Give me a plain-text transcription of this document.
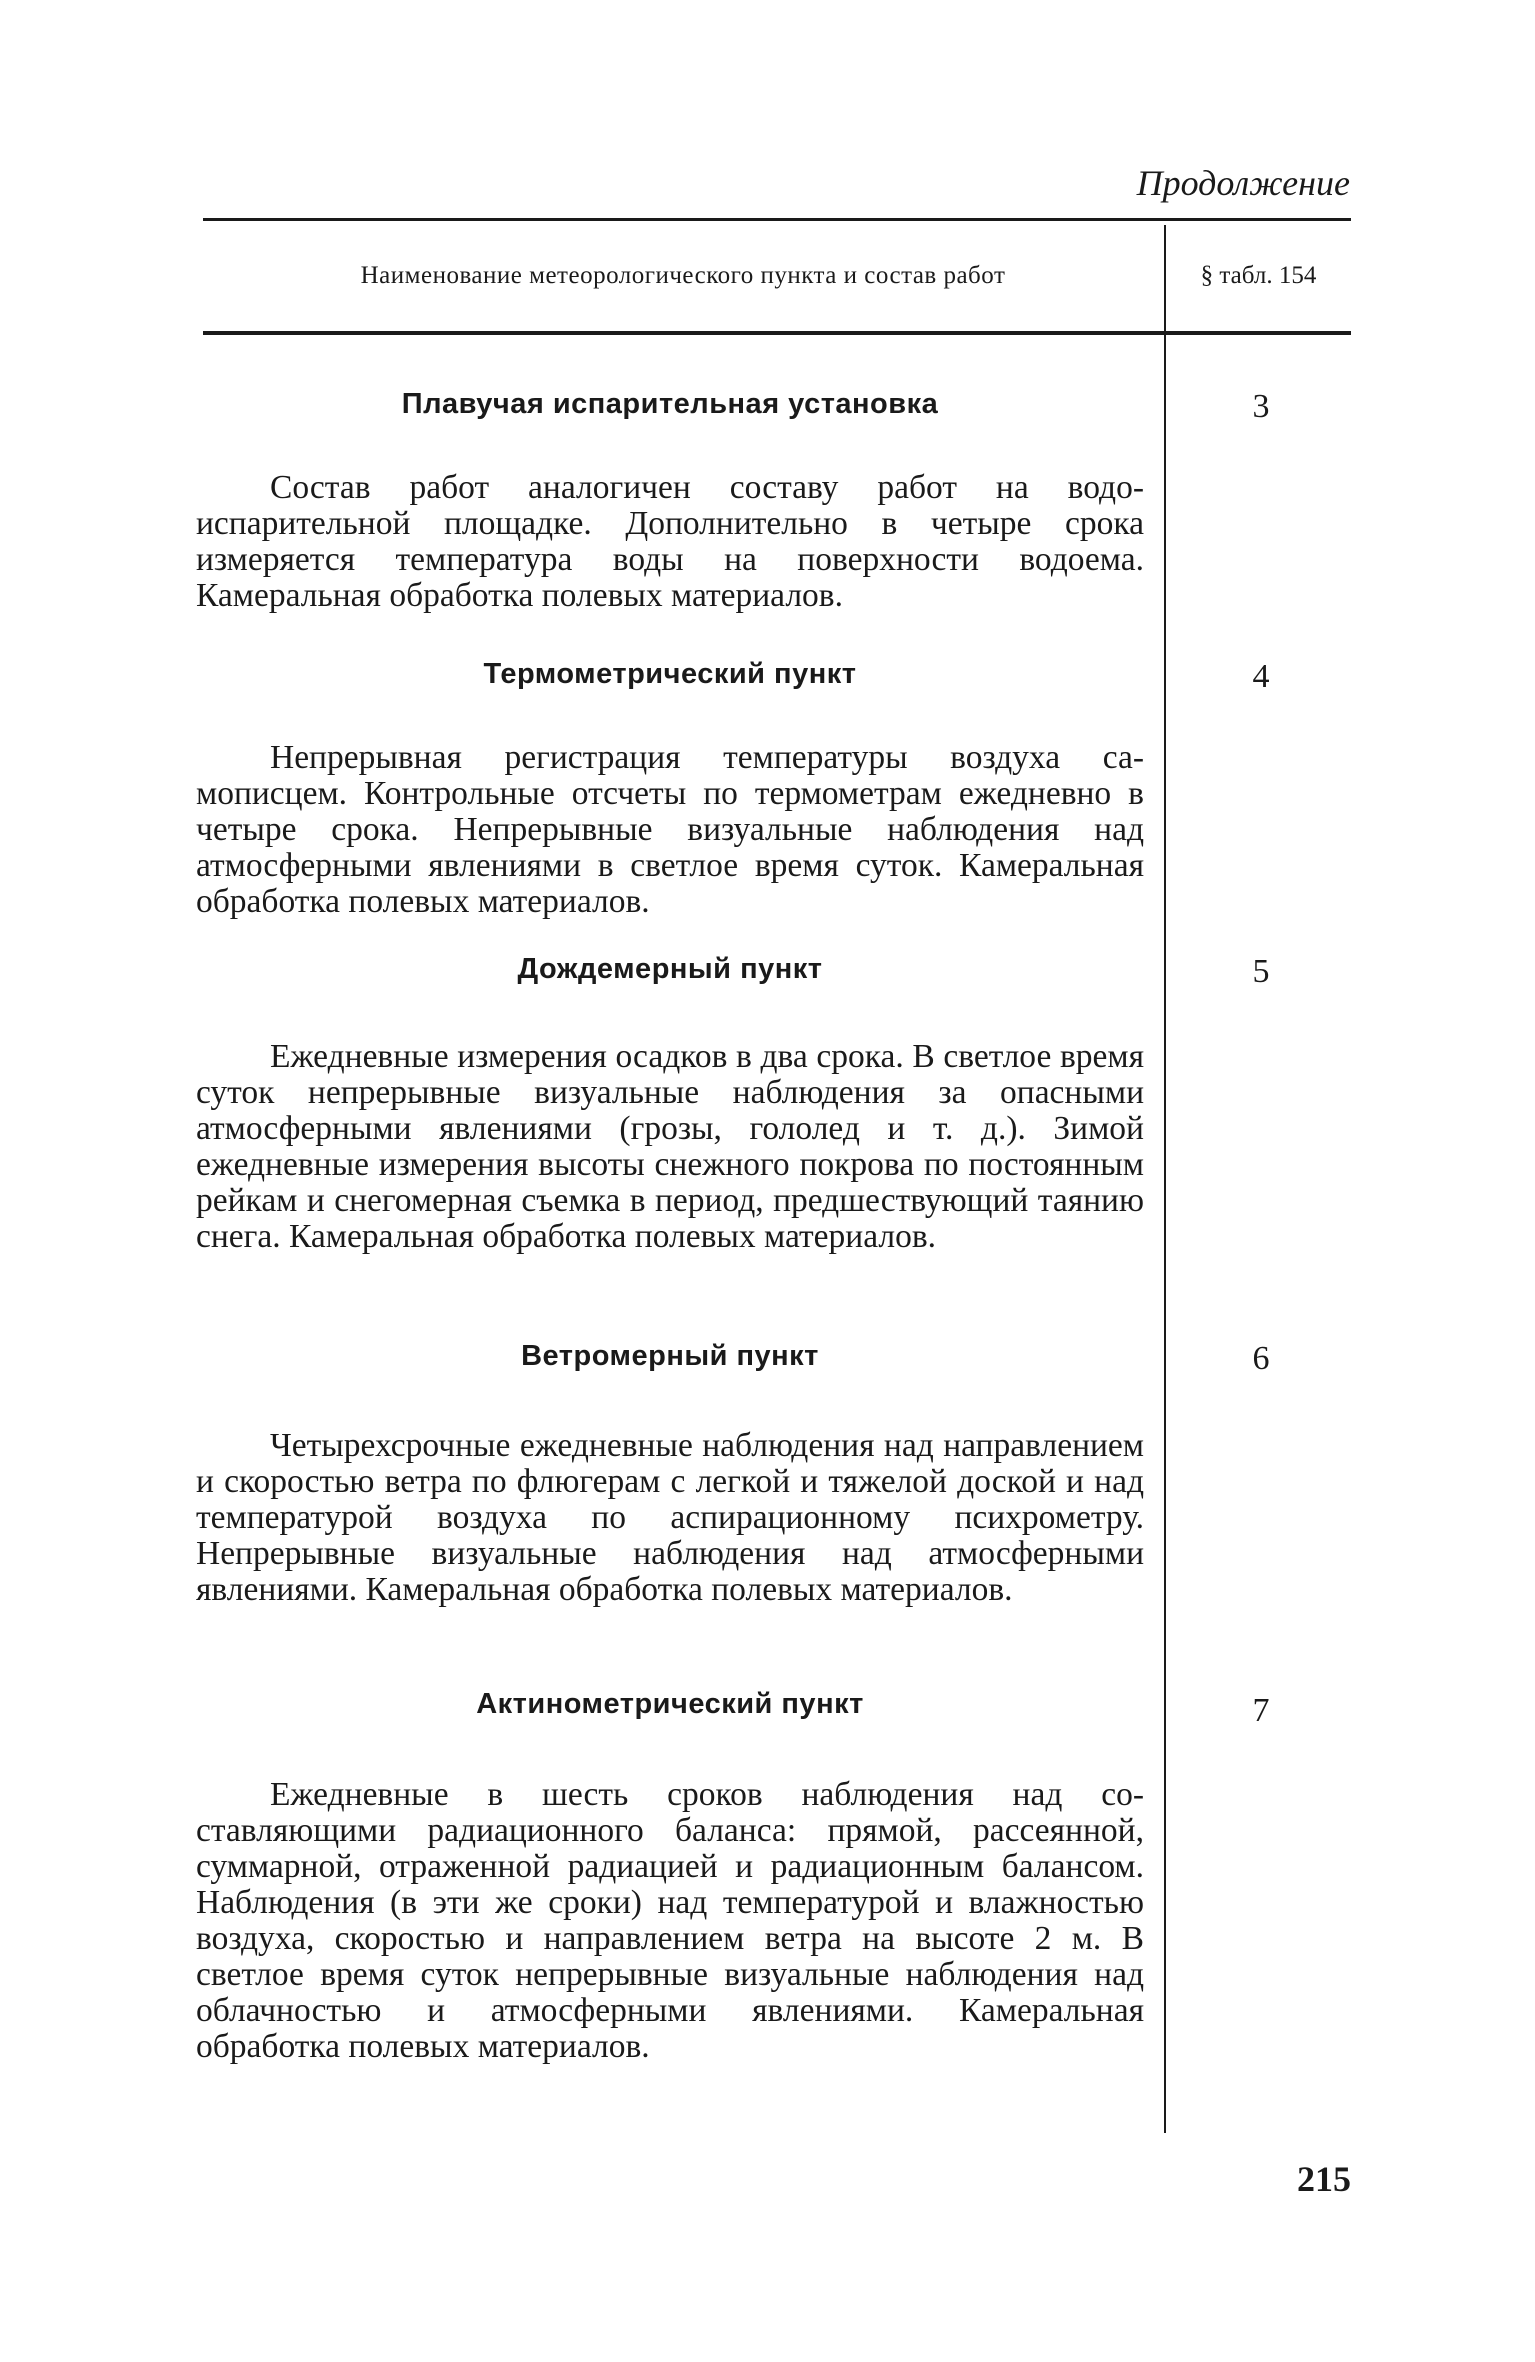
Продолжение
Наименование метеорологического пункта и состав работ	§ табл. 154
Плавучая испарительная установка

Состав работ аналогичен составу работ на водоиспарительной площадке. Дополнительно в четыре срока измеряется температура воды на поверхности водоема. Камеральная обработка полевых материалов.

3
Термометрический пункт

Непрерывная регистрация температуры воздуха самописцем. Контрольные отсчеты по термометрам ежедневно в четыре срока. Непрерывные визуальные наблюдения над атмосферными явлениями в светлое время суток. Камеральная обработка полевых материалов.

4
Дождемерный пункт

Ежедневные измерения осадков в два срока. В светлое время суток непрерывные визуальные наблюдения за опасными атмосферными явлениями (грозы, гололед и т. д.). Зимой ежедневные измерения высоты снежного покрова по постоянным рейкам и снегомерная съемка в период, предшествующий таянию снега. Камеральная обработка полевых материалов.

5
Ветромерный пункт

Четырехсрочные ежедневные наблюдения над направлением и скоростью ветра по флюгерам с легкой и тяжелой доской и над температурой воздуха по аспирационному психрометру. Непрерывные визуальные наблюдения над атмосферными явлениями. Камеральная обработка полевых материалов.

6
Актинометрический пункт

Ежедневные в шесть сроков наблюдения над составляющими радиационного баланса: прямой, рассеянной, суммарной, отраженной радиацией и радиационным балансом. Наблюдения (в эти же сроки) над температурой и влажностью воздуха, скоростью и направлением ветра на высоте 2 м. В светлое время суток непрерывные визуальные наблюдения над облачностью и атмосферными явлениями. Камеральная обработка полевых материалов.

7
215
